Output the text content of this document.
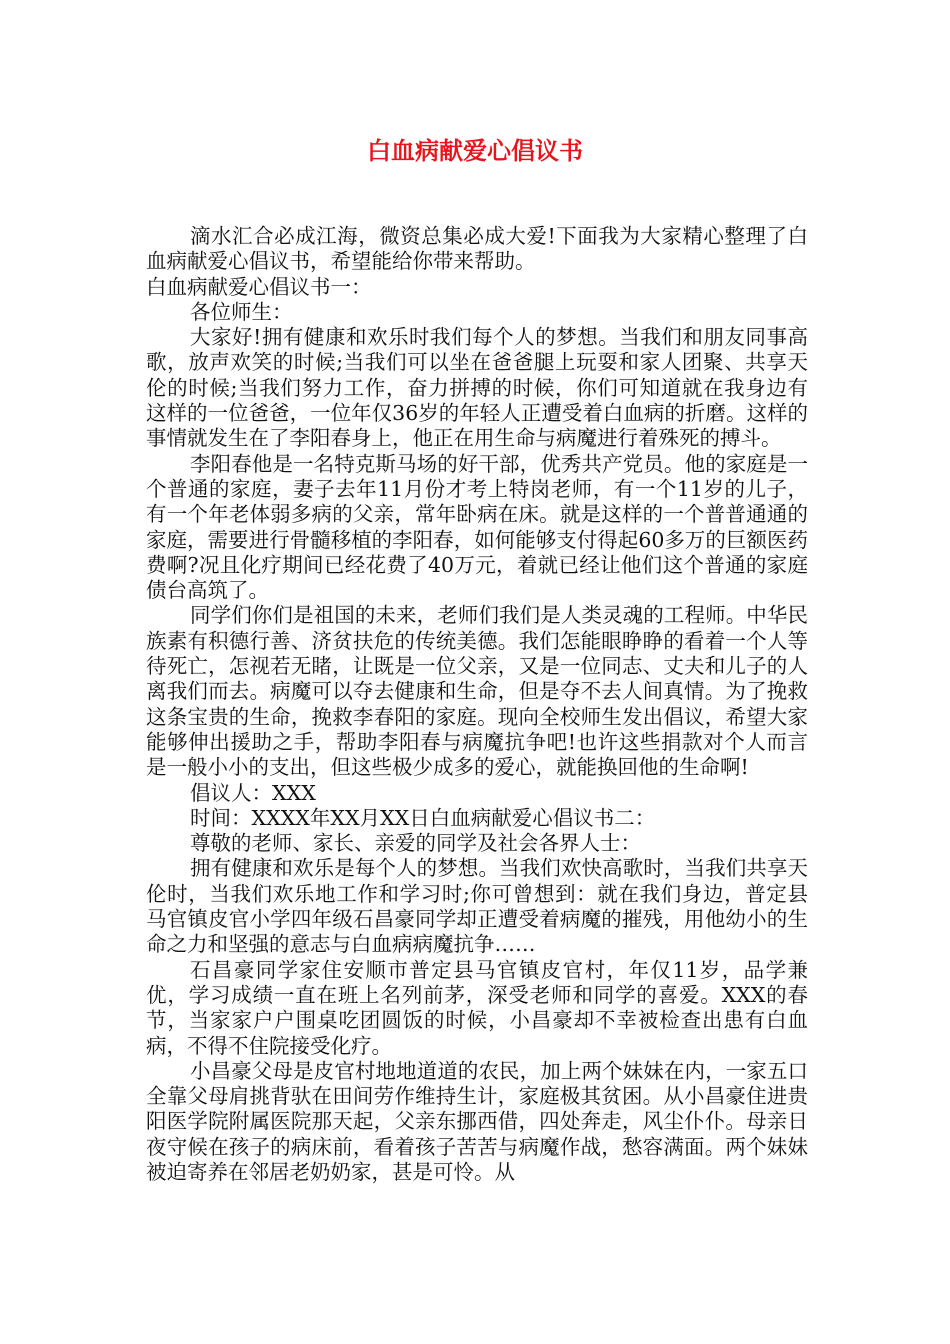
白血病献爱心倡议书

滴水汇合必成江海，微资总集必成大爱!下面我为大家精心整理了白血病献爱心倡议书，希望能给你带来帮助。

白血病献爱心倡议书一：

各位师生：

大家好!拥有健康和欢乐时我们每个人的梦想。当我们和朋友同事高歌，放声欢笑的时候;当我们可以坐在爸爸腿上玩耍和家人团聚、共享天伦的时候;当我们努力工作，奋力拼搏的时候，你们可知道就在我身边有这样的一位爸爸，一位年仅36岁的年轻人正遭受着白血病的折磨。这样的事情就发生在了李阳春身上，他正在用生命与病魔进行着殊死的搏斗。

李阳春他是一名特克斯马场的好干部，优秀共产党员。他的家庭是一个普通的家庭，妻子去年11月份才考上特岗老师，有一个11岁的儿子，有一个年老体弱多病的父亲，常年卧病在床。就是这样的一个普普通通的家庭，需要进行骨髓移植的李阳春，如何能够支付得起60多万的巨额医药费啊?况且化疗期间已经花费了40万元，着就已经让他们这个普通的家庭债台高筑了。

同学们你们是祖国的未来，老师们我们是人类灵魂的工程师。中华民族素有积德行善、济贫扶危的传统美德。我们怎能眼睁睁的看着一个人等待死亡，怎视若无睹，让既是一位父亲，又是一位同志、丈夫和儿子的人离我们而去。病魔可以夺去健康和生命，但是夺不去人间真情。为了挽救这条宝贵的生命，挽救李春阳的家庭。现向全校师生发出倡议，希望大家能够伸出援助之手，帮助李阳春与病魔抗争吧!也许这些捐款对个人而言是一般小小的支出，但这些极少成多的爱心，就能换回他的生命啊!

倡议人：XXX

时间：XXXX年XX月XX日白血病献爱心倡议书二：

尊敬的老师、家长、亲爱的同学及社会各界人士：

拥有健康和欢乐是每个人的梦想。当我们欢快高歌时，当我们共享天伦时，当我们欢乐地工作和学习时;你可曾想到：就在我们身边，普定县马官镇皮官小学四年级石昌豪同学却正遭受着病魔的摧残，用他幼小的生命之力和坚强的意志与白血病病魔抗争……

石昌豪同学家住安顺市普定县马官镇皮官村，年仅11岁，品学兼优，学习成绩一直在班上名列前茅，深受老师和同学的喜爱。XXX的春节，当家家户户围桌吃团圆饭的时候，小昌豪却不幸被检查出患有白血病，不得不住院接受化疗。

小昌豪父母是皮官村地地道道的农民，加上两个妹妹在内，一家五口全靠父母肩挑背驮在田间劳作维持生计，家庭极其贫困。从小昌豪住进贵阳医学院附属医院那天起，父亲东挪西借，四处奔走，风尘仆仆。母亲日夜守候在孩子的病床前，看着孩子苦苦与病魔作战，愁容满面。两个妹妹被迫寄养在邻居老奶奶家，甚是可怜。从
